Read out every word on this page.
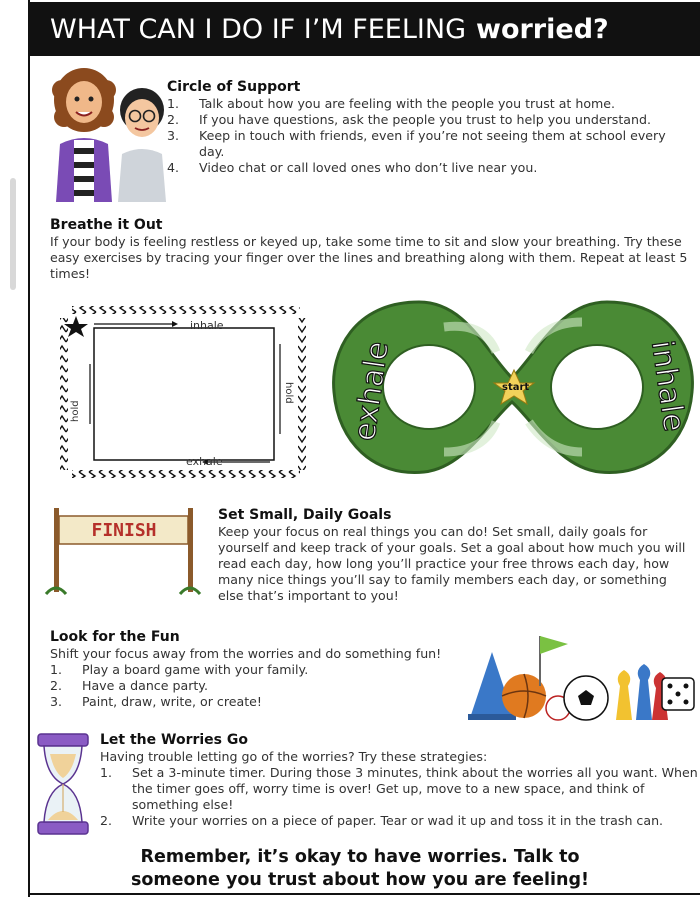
WHAT CAN I DO IF I’M FEELING worried?
Circle of Support
1. Talk about how you are feeling with the people you trust at home.
2. If you have questions, ask the people you trust to help you understand.
3. Keep in touch with friends, even if you’re not seeing them at school every day.
4. Video chat or call loved ones who don’t live near you.
Breathe it Out
If your body is feeling restless or keyed up, take some time to sit and slow your breathing. Try these easy exercises by tracing your finger over the lines and breathing along with them. Repeat at least 5 times!
inhale
exhale
hold
hold	start
exhale	inhale
FINISH
Set Small, Daily Goals
Keep your focus on real things you can do! Set small, daily goals for yourself and keep track of your goals. Set a goal about how much you will read each day, how long you’ll practice your free throws each day, how many nice things you’ll say to family members each day, or something else that’s important to you!
Look for the Fun
Shift your focus away from the worries and do something fun!
1. Play a board game with your family.
2. Have a dance party.
3. Paint, draw, write, or create!
Let the Worries Go
Having trouble letting go of the worries? Try these strategies:
1. Set a 3-minute timer. During those 3 minutes, think about the worries all you want. When the timer goes off, worry time is over! Get up, move to a new space, and think of something else!
2. Write your worries on a piece of paper. Tear or wad it up and toss it in the trash can.
Remember, it’s okay to have worries. Talk to
someone you trust about how you are feeling!
